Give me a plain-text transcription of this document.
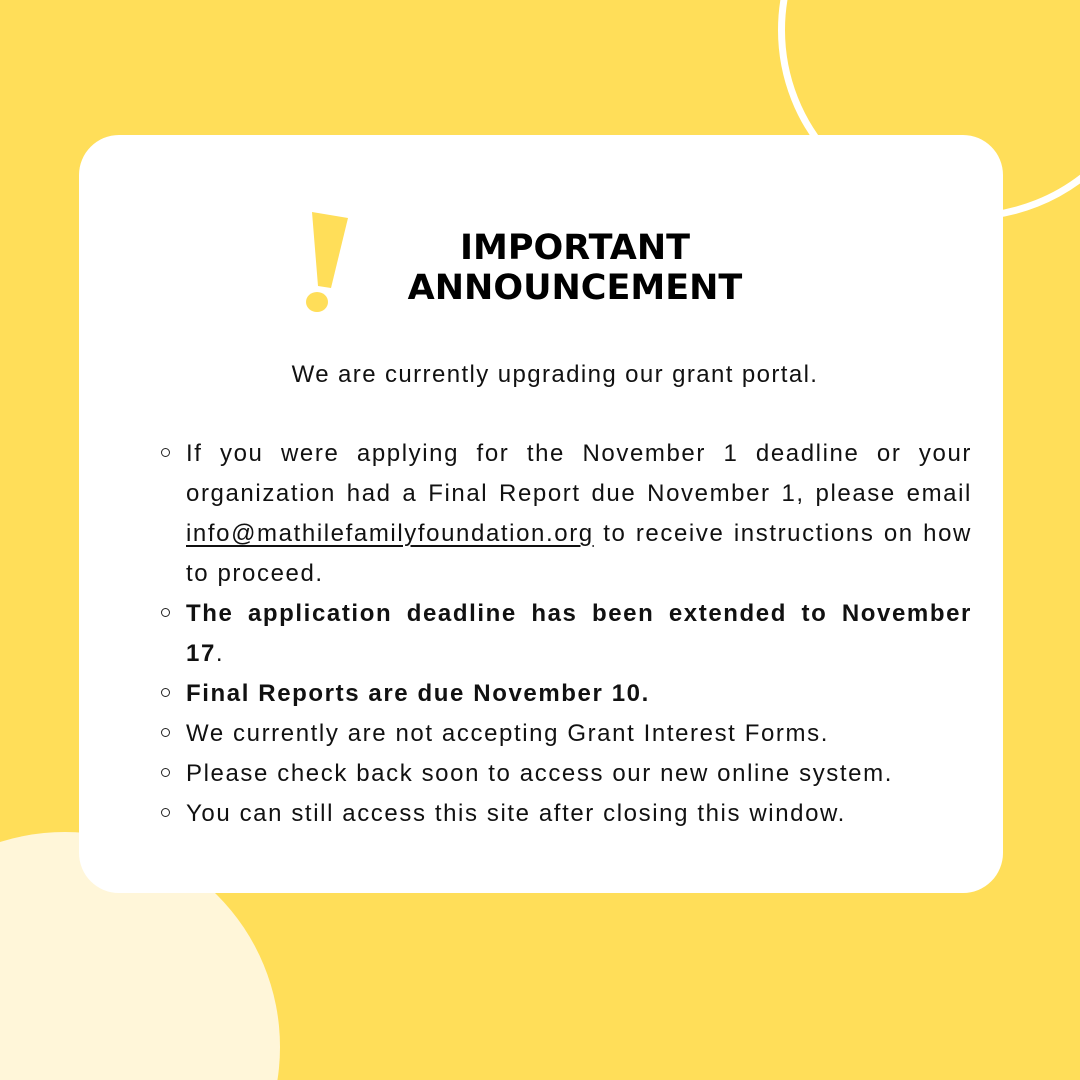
IMPORTANT
ANNOUNCEMENT

We are currently upgrading our grant portal.

If you were applying for the November 1 deadline or your organization had a Final Report due November 1, please email info@mathilefamilyfoundation.org to receive instructions on how to proceed.
The application deadline has been extended to November 17.
Final Reports are due November 10.
We currently are not accepting Grant Interest Forms.
Please check back soon to access our new online system.
You can still access this site after closing this window.
